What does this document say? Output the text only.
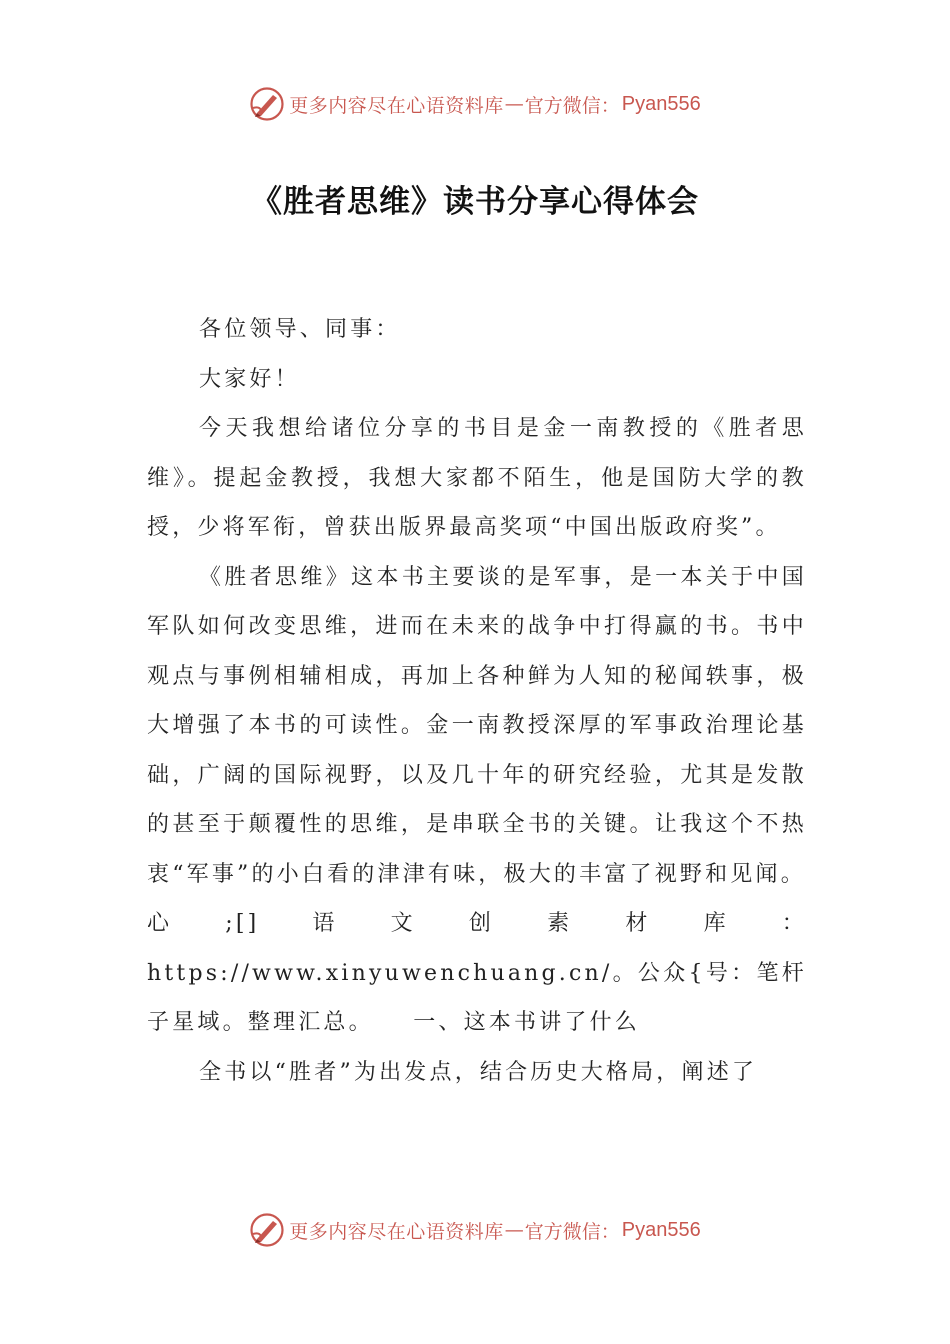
更多内容尽在心语资料库 — 官方微信： Pyan556
《胜者思维》读书分享心得体会

各位领导、同事：

大家好！

今天我想给诸位分享的书目是金一南教授的《胜者思维》。提起金教授，我想大家都不陌生，他是国防大学的教授，少将军衔，曾获出版界最高奖项“中国出版政府奖”。

《胜者思维》这本书主要谈的是军事，是一本关于中国军队如何改变思维，进而在未来的战争中打得赢的书。书中观点与事例相辅相成，再加上各种鲜为人知的秘闻轶事，极大增强了本书的可读性。金一南教授深厚的军事政治理论基础，广阔的国际视野，以及几十年的研究经验，尤其是发散的甚至于颠覆性的思维，是串联全书的关键。让我这个不热衷“军事”的小白看的津津有味，极大的丰富了视野和见闻。

心;[]语文创素材库：https://www.xinyuwenchuang.cn/。公众{号：笔杆子星域。整理汇总。　　一、这本书讲了什么

全书以“胜者”为出发点，结合历史大格局，阐述了

更多内容尽在心语资料库 — 官方微信： Pyan556
